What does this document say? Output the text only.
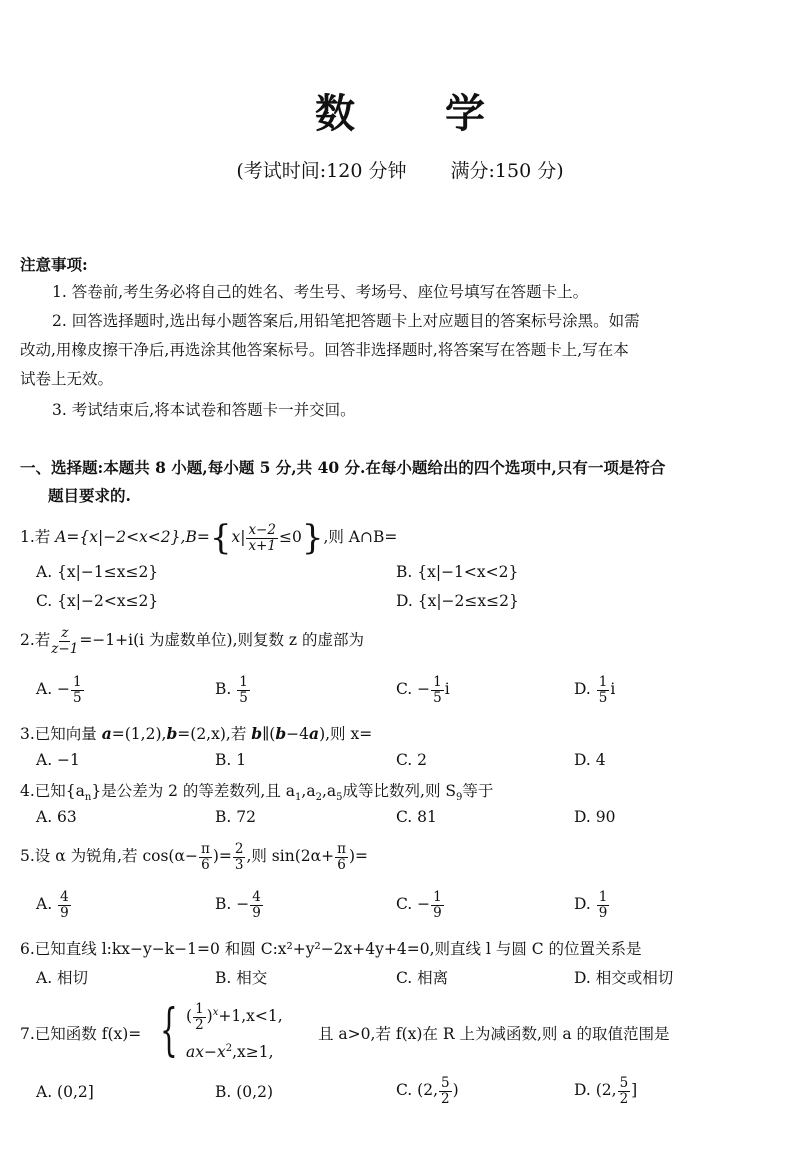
数 学
(考试时间:120 分钟 满分:150 分)
注意事项:
1. 答卷前,考生务必将自己的姓名、考生号、考场号、座位号填写在答题卡上。
2. 回答选择题时,选出每小题答案后,用铅笔把答题卡上对应题目的答案标号涂黑。如需
改动,用橡皮擦干净后,再选涂其他答案标号。回答非选择题时,将答案写在答题卡上,写在本
试卷上无效。
3. 考试结束后,将本试卷和答题卡一并交回。
一、选择题:本题共 8 小题,每小题 5 分,共 40 分.在每小题给出的四个选项中,只有一项是符合
题目要求的.
1.若 $A=\{x|-2<x<2\},B=\{x| \frac{x-2}{x+1} \le 0\}$,则 A∩B=
A. {x|−1≤x≤2}	B. {x|−1<x<2}
C. {x|−2<x≤2}	D. {x|−2≤x≤2}
2.若 $\frac{z}{z-1} =-1+i(i$ 为虚数单位),则复数 z 的虚部为
A. − $\frac{1}{5}$	B. $\frac{1}{5}$	C. − $\frac{1}{5}$ i	D. $\frac{1}{5}$ i
3.已知向量 a=(1,2),b=(2,x),若 b∥(b−4a),则 x=
A. −1	B. 1	C. 2	D. 4
4.已知$\{a_n\}$是公差为 2 的等差数列,且 $a_1,a_2,a_5$成等比数列,则 $S_9$等于
A. 63	B. 72	C. 81	D. 90
5.设 α 为锐角,若 $\cos(\alpha- \frac{\pi}{6}$ )= $\frac{2}{3}$ ,则 $\sin(2\alpha+ \frac{\pi}{6}$ )=
A. $\frac{4}{9}$	B. − $\frac{4}{9}$	C. − $\frac{1}{9}$	D. $\frac{1}{9}$
6.已知直线 l:kx−y−k−1=0 和圆 C:x²+y²−2x+4y+4=0,则直线 l 与圆 C 的位置关系是
A. 相切	B. 相交	C. 相离	D. 相交或相切
7.已知函数 f(x)= { ( $\frac{1}{2} )^x+1,x<1$,
$ax-x^2,x\ge 1$,
且 a>0,若 f(x)在 R 上为减函数,则 a 的取值范围是
A. (0,2]	B. (0,2)	C. (2, $\frac{5}{2}$ )	D. (2, $\frac{5}{2}$ ]
